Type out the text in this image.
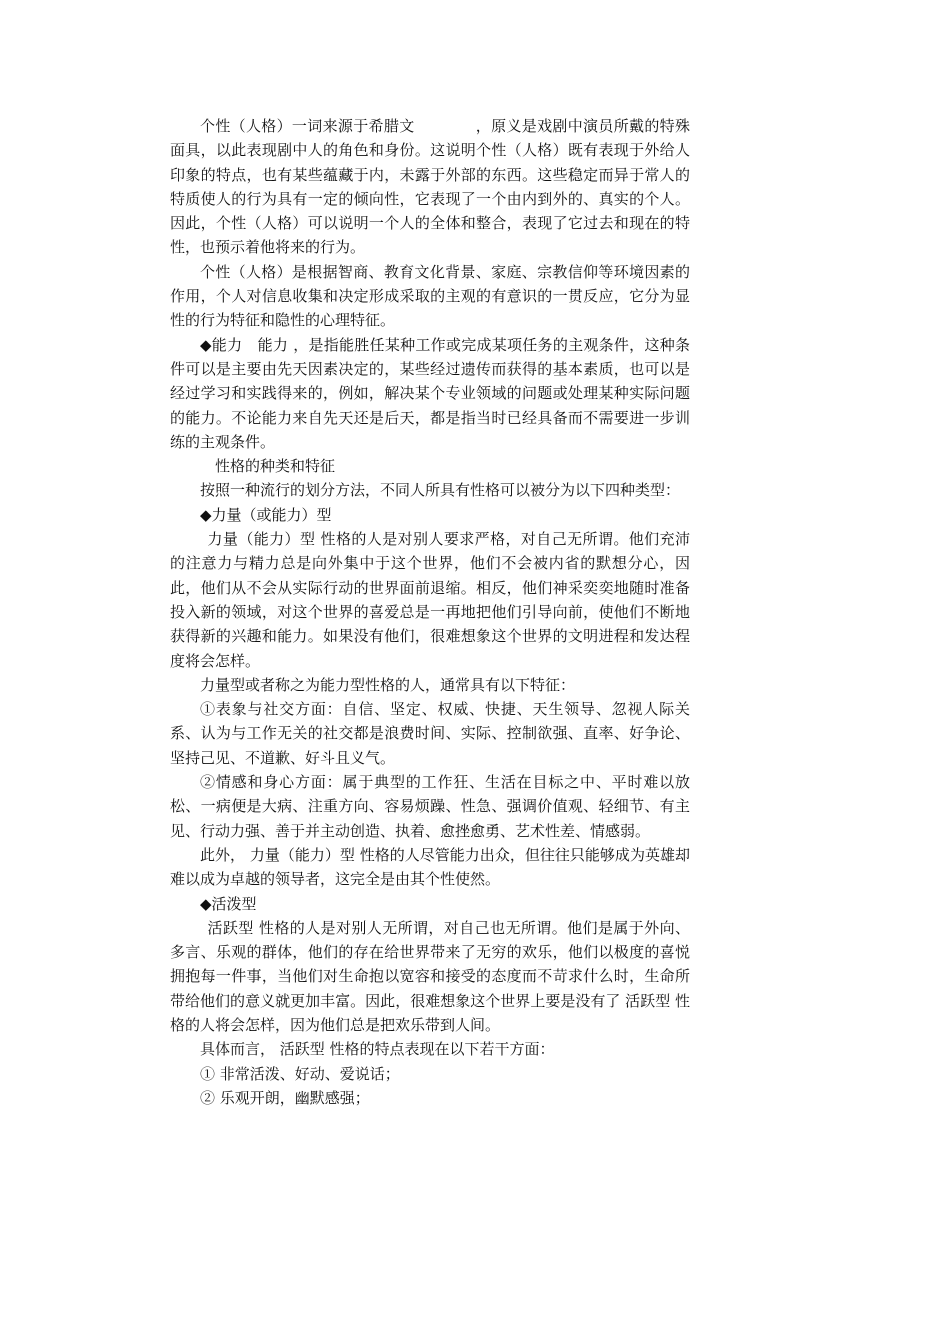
个性（人格）一词来源于希腊文　　　　，原义是戏剧中演员所戴的特殊面具，以此表现剧中人的角色和身份。这说明个性（人格）既有表现于外给人印象的特点，也有某些蕴藏于内，未露于外部的东西。这些稳定而异于常人的特质使人的行为具有一定的倾向性，它表现了一个由内到外的、真实的个人。因此，个性（人格）可以说明一个人的全体和整合，表现了它过去和现在的特性，也预示着他将来的行为。

个性（人格）是根据智商、教育文化背景、家庭、宗教信仰等环境因素的作用，个人对信息收集和决定形成采取的主观的有意识的一贯反应，它分为显性的行为特征和隐性的心理特征。

◆能力　能力 ，是指能胜任某种工作或完成某项任务的主观条件，这种条件可以是主要由先天因素决定的，某些经过遗传而获得的基本素质，也可以是经过学习和实践得来的，例如，解决某个专业领域的问题或处理某种实际问题的能力。不论能力来自先天还是后天，都是指当时已经具备而不需要进一步训练的主观条件。

性格的种类和特征

按照一种流行的划分方法，不同人所具有性格可以被分为以下四种类型：

◆力量（或能力）型

力量（能力）型 性格的人是对别人要求严格，对自己无所谓。他们充沛的注意力与精力总是向外集中于这个世界，他们不会被内省的默想分心，因此，他们从不会从实际行动的世界面前退缩。相反，他们神采奕奕地随时准备投入新的领域，对这个世界的喜爱总是一再地把他们引导向前，使他们不断地获得新的兴趣和能力。如果没有他们，很难想象这个世界的文明进程和发达程度将会怎样。

力量型或者称之为能力型性格的人，通常具有以下特征：

①表象与社交方面：自信、坚定、权威、快捷、天生领导、忽视人际关系、认为与工作无关的社交都是浪费时间、实际、控制欲强、直率、好争论、坚持己见、不道歉、好斗且义气。

②情感和身心方面：属于典型的工作狂、生活在目标之中、平时难以放松、一病便是大病、注重方向、容易烦躁、性急、强调价值观、轻细节、有主见、行动力强、善于并主动创造、执着、愈挫愈勇、艺术性差、情感弱。

此外， 力量（能力）型 性格的人尽管能力出众，但往往只能够成为英雄却难以成为卓越的领导者，这完全是由其个性使然。

◆活泼型

活跃型 性格的人是对别人无所谓，对自己也无所谓。他们是属于外向、多言、乐观的群体，他们的存在给世界带来了无穷的欢乐，他们以极度的喜悦拥抱每一件事，当他们对生命抱以宽容和接受的态度而不苛求什么时，生命所带给他们的意义就更加丰富。因此，很难想象这个世界上要是没有了 活跃型 性格的人将会怎样，因为他们总是把欢乐带到人间。

具体而言， 活跃型 性格的特点表现在以下若干方面：

① 非常活泼、好动、爱说话；

② 乐观开朗，幽默感强；
